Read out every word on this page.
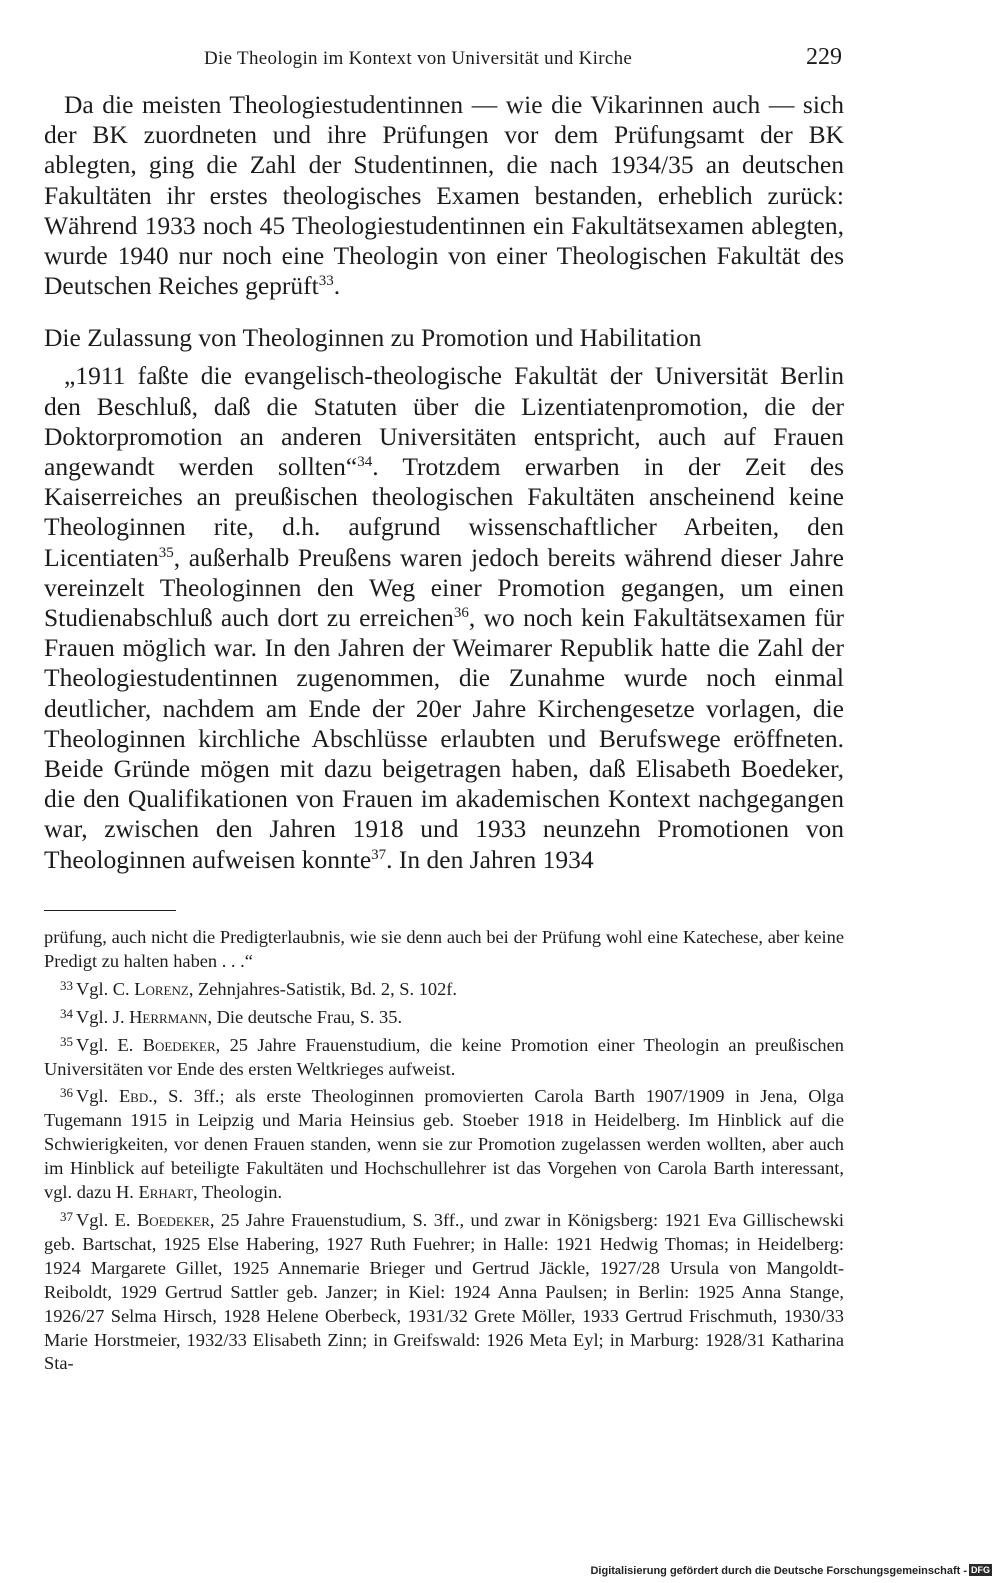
Die Theologin im Kontext von Universität und Kirche	229

Da die meisten Theologiestudentinnen — wie die Vikarinnen auch — sich der BK zuordneten und ihre Prüfungen vor dem Prüfungsamt der BK ablegten, ging die Zahl der Studentinnen, die nach 1934/35 an deutschen Fakultäten ihr erstes theologisches Examen bestanden, erheblich zurück: Während 1933 noch 45 Theologiestudentinnen ein Fakultätsexamen ablegten, wurde 1940 nur noch eine Theologin von einer Theologischen Fakultät des Deutschen Reiches geprüft$^{33}$.

Die Zulassung von Theologinnen zu Promotion und Habilitation

„1911 faßte die evangelisch-theologische Fakultät der Universität Berlin den Beschluß, daß die Statuten über die Lizentiatenpromotion, die der Doktorpromotion an anderen Universitäten entspricht, auch auf Frauen angewandt werden sollten“$^{34}$. Trotzdem erwarben in der Zeit des Kaiserreiches an preußischen theologischen Fakultäten anscheinend keine Theologinnen rite, d.h. aufgrund wissenschaftlicher Arbeiten, den Licentiaten$^{35}$, außerhalb Preußens waren jedoch bereits während dieser Jahre vereinzelt Theologinnen den Weg einer Promotion gegangen, um einen Studienabschluß auch dort zu erreichen$^{36}$, wo noch kein Fakultätsexamen für Frauen möglich war. In den Jahren der Weimarer Republik hatte die Zahl der Theologiestudentinnen zugenommen, die Zunahme wurde noch einmal deutlicher, nachdem am Ende der 20er Jahre Kirchengesetze vorlagen, die Theologinnen kirchliche Abschlüsse erlaubten und Berufswege eröffneten. Beide Gründe mögen mit dazu beigetragen haben, daß Elisabeth Boedeker, die den Qualifikationen von Frauen im akademischen Kontext nachgegangen war, zwischen den Jahren 1918 und 1933 neunzehn Promotionen von Theologinnen aufweisen konnte$^{37}$. In den Jahren 1934

prüfung, auch nicht die Predigterlaubnis, wie sie denn auch bei der Prüfung wohl eine Katechese, aber keine Predigt zu halten haben . . .“

$^{33}$ Vgl. C. Lorenz, Zehnjahres-Satistik, Bd. 2, S. 102f.

$^{34}$ Vgl. J. Herrmann, Die deutsche Frau, S. 35.

$^{35}$ Vgl. E. Boedeker, 25 Jahre Frauenstudium, die keine Promotion einer Theologin an preußischen Universitäten vor Ende des ersten Weltkrieges aufweist.

$^{36}$ Vgl. Ebd., S. 3ff.; als erste Theologinnen promovierten Carola Barth 1907/1909 in Jena, Olga Tugemann 1915 in Leipzig und Maria Heinsius geb. Stoeber 1918 in Heidelberg. Im Hinblick auf die Schwierigkeiten, vor denen Frauen standen, wenn sie zur Promotion zugelassen werden wollten, aber auch im Hinblick auf beteiligte Fakultäten und Hochschullehrer ist das Vorgehen von Carola Barth interessant, vgl. dazu H. Erhart, Theologin.

$^{37}$ Vgl. E. Boedeker, 25 Jahre Frauenstudium, S. 3ff., und zwar in Königsberg: 1921 Eva Gillischewski geb. Bartschat, 1925 Else Habering, 1927 Ruth Fuehrer; in Halle: 1921 Hedwig Thomas; in Heidelberg: 1924 Margarete Gillet, 1925 Annemarie Brieger und Gertrud Jäckle, 1927/28 Ursula von Mangoldt-Reiboldt, 1929 Gertrud Sattler geb. Janzer; in Kiel: 1924 Anna Paulsen; in Berlin: 1925 Anna Stange, 1926/27 Selma Hirsch, 1928 Helene Oberbeck, 1931/32 Grete Möller, 1933 Gertrud Frischmuth, 1930/33 Marie Horstmeier, 1932/33 Elisabeth Zinn; in Greifswald: 1926 Meta Eyl; in Marburg: 1928/31 Katharina Sta-

Digitalisierung gefördert durch die Deutsche Forschungsgemeinschaft - DFG
